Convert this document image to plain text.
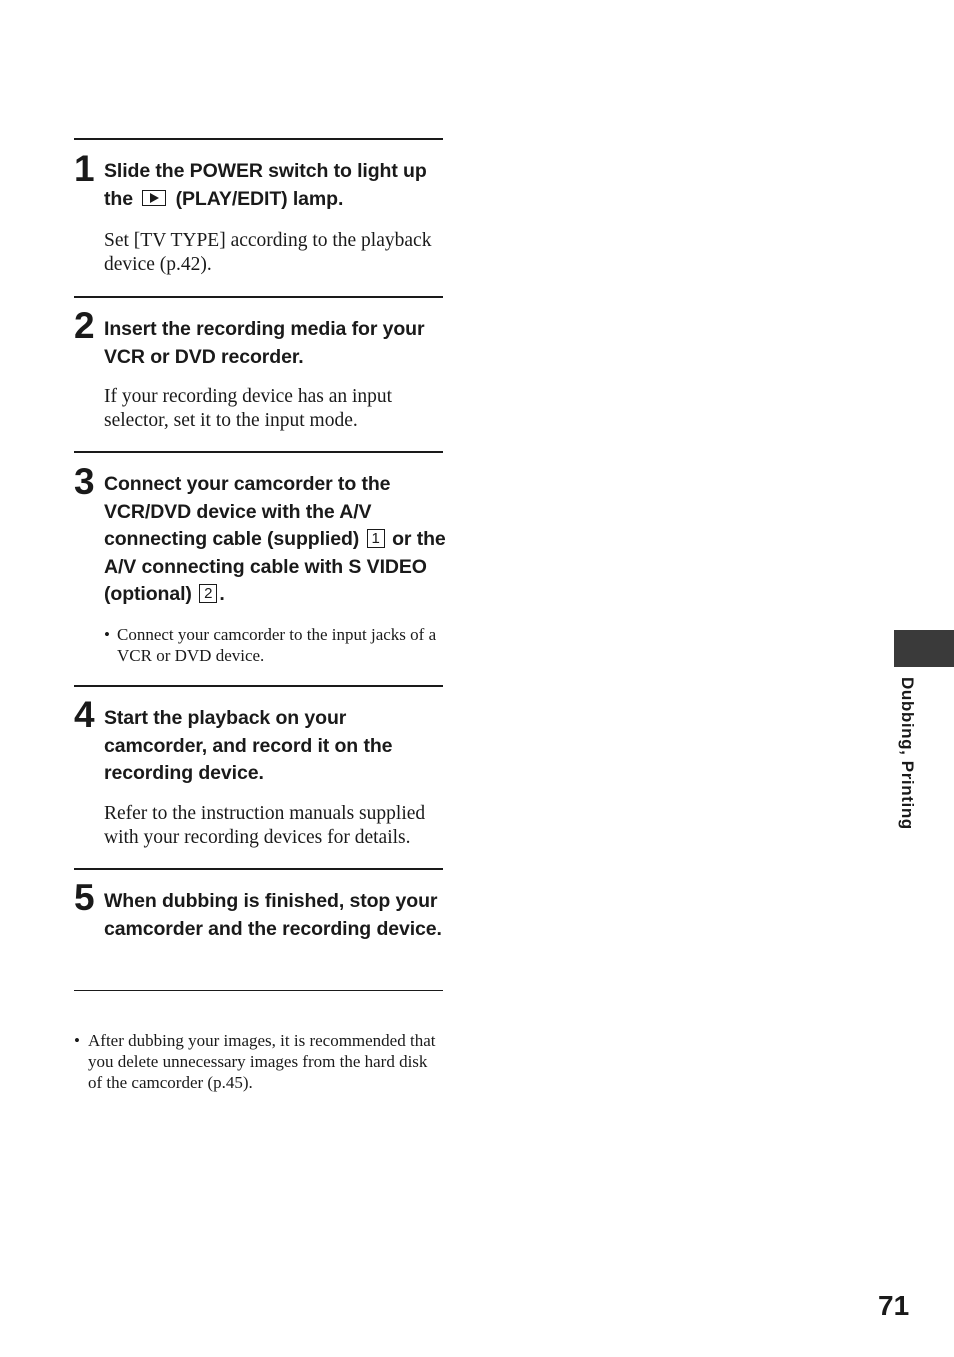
1 Slide the POWER switch to light up the (PLAY/EDIT) lamp.
Set [TV TYPE] according to the playback device (p.42).
2 Insert the recording media for your VCR or DVD recorder.
If your recording device has an input selector, set it to the input mode.
3 Connect your camcorder to the VCR/DVD device with the A/V connecting cable (supplied) 1 or the A/V connecting cable with S VIDEO (optional) 2 .
• Connect your camcorder to the input jacks of a VCR or DVD device.
4 Start the playback on your camcorder, and record it on the recording device.
Refer to the instruction manuals supplied with your recording devices for details.
5 When dubbing is finished, stop your camcorder and the recording device.
• After dubbing your images, it is recommended that you delete unnecessary images from the hard disk of the camcorder (p.45).
Dubbing, Printing
71
